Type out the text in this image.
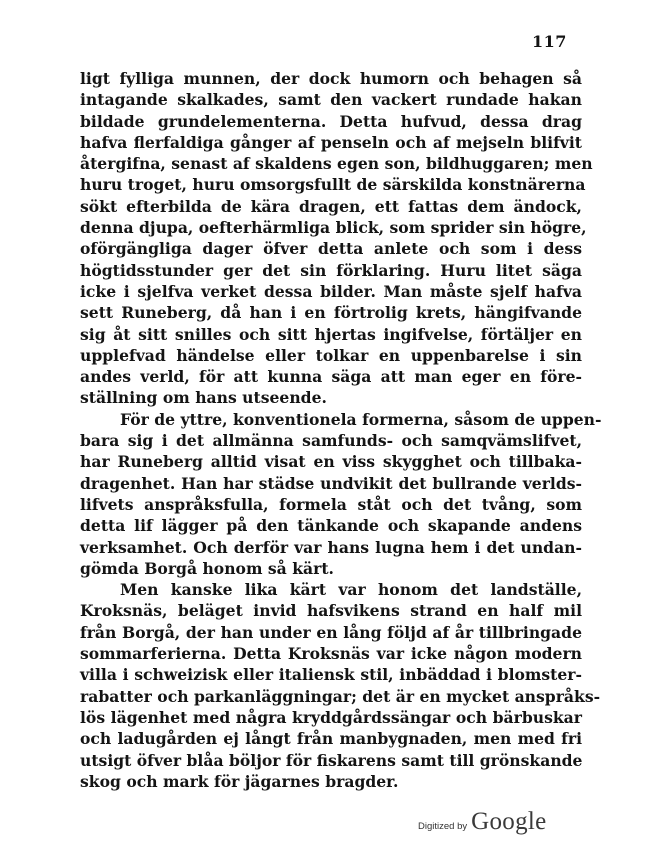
117
ligt fylliga munnen, der dock humorn och behagen så
intagande skalkades, samt den vackert rundade hakan
bildade grundelementerna. Detta hufvud, dessa drag
hafva flerfaldiga gånger af penseln och af mejseln blifvit
återgifna, senast af skaldens egen son, bildhuggaren; men
huru troget, huru omsorgsfullt de särskilda konstnärerna
sökt efterbilda de kära dragen, ett fattas dem ändock,
denna djupa, oefterhärmliga blick, som sprider sin högre,
oförgängliga dager öfver detta anlete och som i dess
högtidsstunder ger det sin förklaring. Huru litet säga
icke i sjelfva verket dessa bilder. Man måste sjelf hafva
sett Runeberg, då han i en förtrolig krets, hängifvande
sig åt sitt snilles och sitt hjertas ingifvelse, förtäljer en
upplefvad händelse eller tolkar en uppenbarelse i sin
andes verld, för att kunna säga att man eger en före-
ställning om hans utseende.
För de yttre, konventionela formerna, såsom de uppen-
bara sig i det allmänna samfunds- och samqvämslifvet,
har Runeberg alltid visat en viss skygghet och tillbaka-
dragenhet. Han har städse undvikit det bullrande verlds-
lifvets anspråksfulla, formela ståt och det tvång, som
detta lif lägger på den tänkande och skapande andens
verksamhet. Och derför var hans lugna hem i det undan-
gömda Borgå honom så kärt.
Men kanske lika kärt var honom det landställe,
Kroksnäs, beläget invid hafsvikens strand en half mil
från Borgå, der han under en lång följd af år tillbringade
sommarferierna. Detta Kroksnäs var icke någon modern
villa i schweizisk eller italiensk stil, inbäddad i blomster-
rabatter och parkanläggningar; det är en mycket anspråks-
lös lägenhet med några kryddgårdssängar och bärbuskar
och ladugården ej långt från manbygnaden, men med fri
utsigt öfver blåa böljor för fiskarens samt till grönskande
skog och mark för jägarnes bragder.
Digitized by Google
